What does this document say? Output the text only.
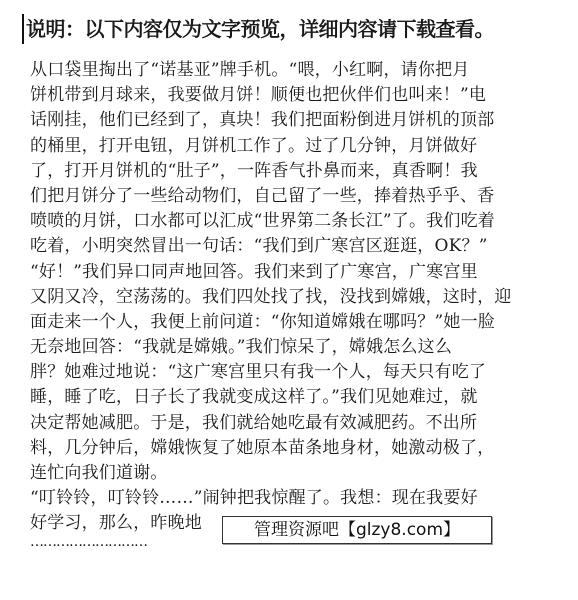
说明：以下内容仅为文字预览，详细内容请下载查看。
从口袋里掏出了“诺基亚”牌手机。“喂，小红啊，请你把月
饼机带到月球来，我要做月饼！顺便也把伙伴们也叫来！”电
话刚挂，他们已经到了，真块！我们把面粉倒进月饼机的顶部
的桶里，打开电钮，月饼机工作了。过了几分钟，月饼做好
了，打开月饼机的“肚子”，一阵香气扑鼻而来，真香啊！我
们把月饼分了一些给动物们，自己留了一些，捧着热乎乎、香
喷喷的月饼，口水都可以汇成“世界第二条长江”了。我们吃着
吃着，小明突然冒出一句话：“我们到广寒宫区逛逛，OK？”
“好！”我们异口同声地回答。我们来到了广寒宫，广寒宫里
又阴又冷，空荡荡的。我们四处找了找，没找到嫦娥，这时，迎
面走来一个人，我便上前问道：“你知道嫦娥在哪吗？”她一脸
无奈地回答：“我就是嫦娥。”我们惊呆了，嫦娥怎么这么
胖？她难过地说：“这广寒宫里只有我一个人，每天只有吃了
睡，睡了吃，日子长了我就变成这样了。”我们见她难过，就
决定帮她减肥。于是，我们就给她吃最有效减肥药。不出所
料，几分钟后，嫦娥恢复了她原本苗条地身材，她激动极了，
连忙向我们道谢。
“叮铃铃，叮铃铃……”闹钟把我惊醒了。我想：现在我要好
好学习，那么，昨晚地
………………………
管理资源吧【glzy8.com】
